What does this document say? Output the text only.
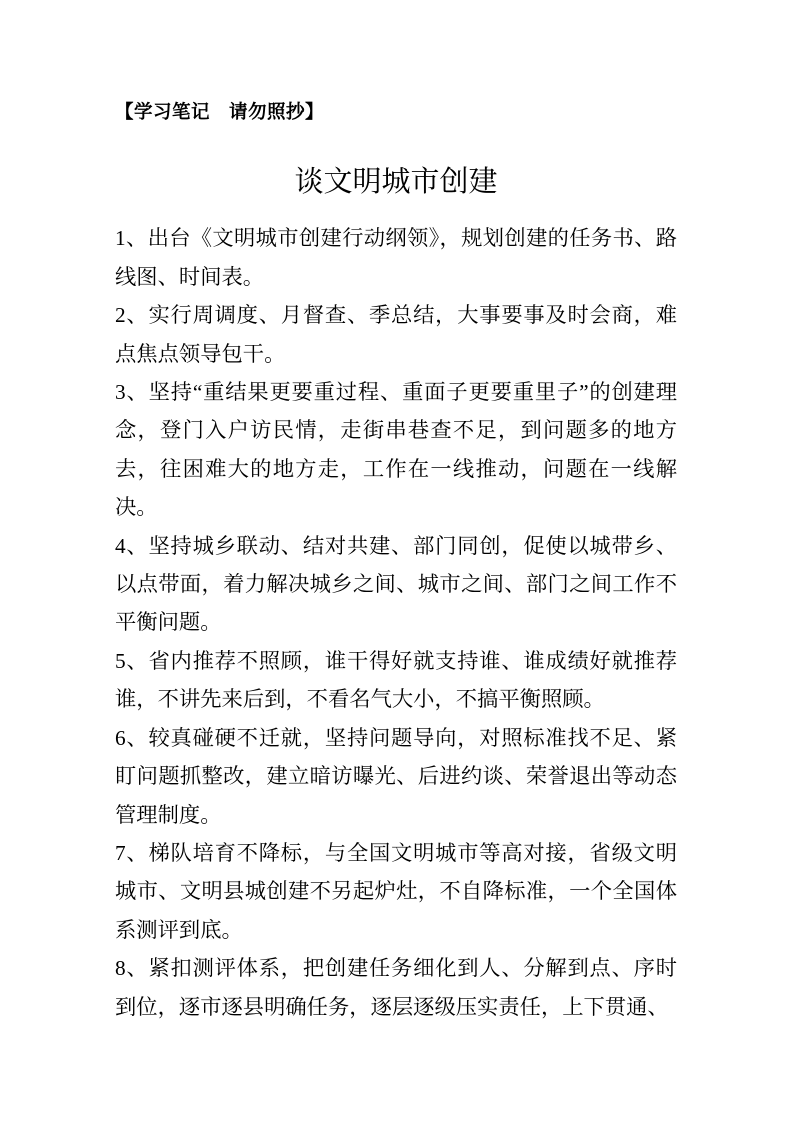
【学习笔记　请勿照抄】
谈文明城市创建

1、出台《文明城市创建行动纲领》，规划创建的任务书、路线图、时间表。

2、实行周调度、月督查、季总结，大事要事及时会商，难点焦点领导包干。

3、坚持“重结果更要重过程、重面子更要重里子”的创建理念，登门入户访民情，走街串巷查不足，到问题多的地方去，往困难大的地方走，工作在一线推动，问题在一线解决。

4、坚持城乡联动、结对共建、部门同创，促使以城带乡、以点带面，着力解决城乡之间、城市之间、部门之间工作不平衡问题。

5、省内推荐不照顾，谁干得好就支持谁、谁成绩好就推荐谁，不讲先来后到，不看名气大小，不搞平衡照顾。

6、较真碰硬不迁就，坚持问题导向，对照标准找不足、紧盯问题抓整改，建立暗访曝光、后进约谈、荣誉退出等动态管理制度。

7、梯队培育不降标，与全国文明城市等高对接，省级文明城市、文明县城创建不另起炉灶，不自降标准，一个全国体系测评到底。

8、紧扣测评体系，把创建任务细化到人、分解到点、序时到位，逐市逐县明确任务，逐层逐级压实责任，上下贯通、
